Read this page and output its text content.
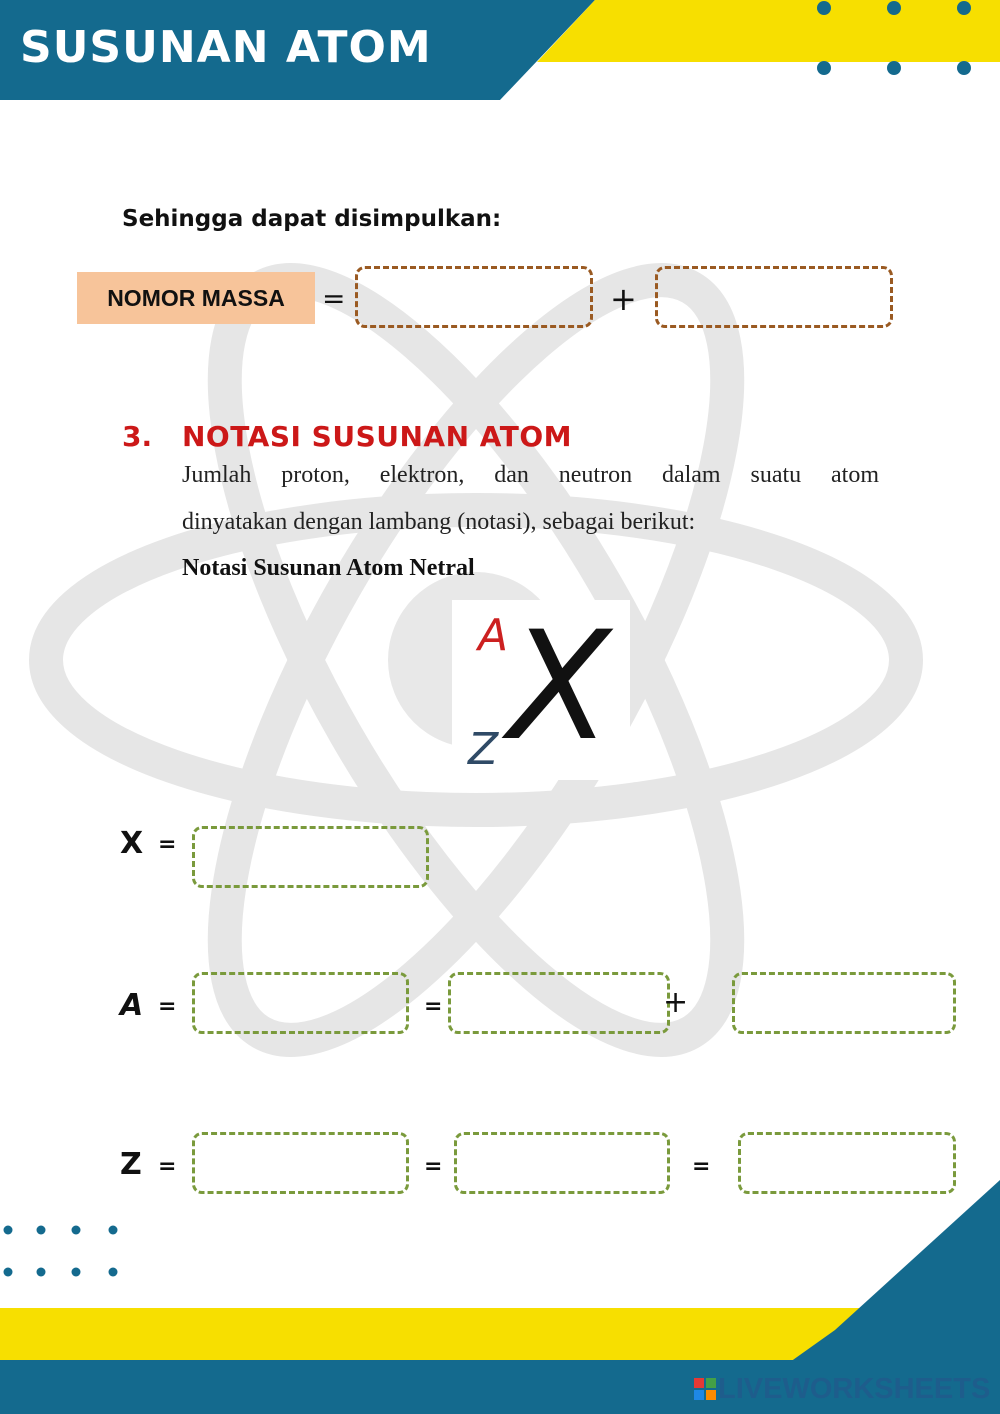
SUSUNAN ATOM
Sehingga dapat disimpulkan:
NOMOR MASSA	=	+
3. NOTASI SUSUNAN ATOM
Jumlah proton, elektron, dan neutron dalam suatu atom
dinyatakan dengan lambang (notasi), sebagai berikut:
Notasi Susunan Atom Netral
A X
Z
X =
A =	=	+
Z =	=	=
LIVEWORKSHEETS
